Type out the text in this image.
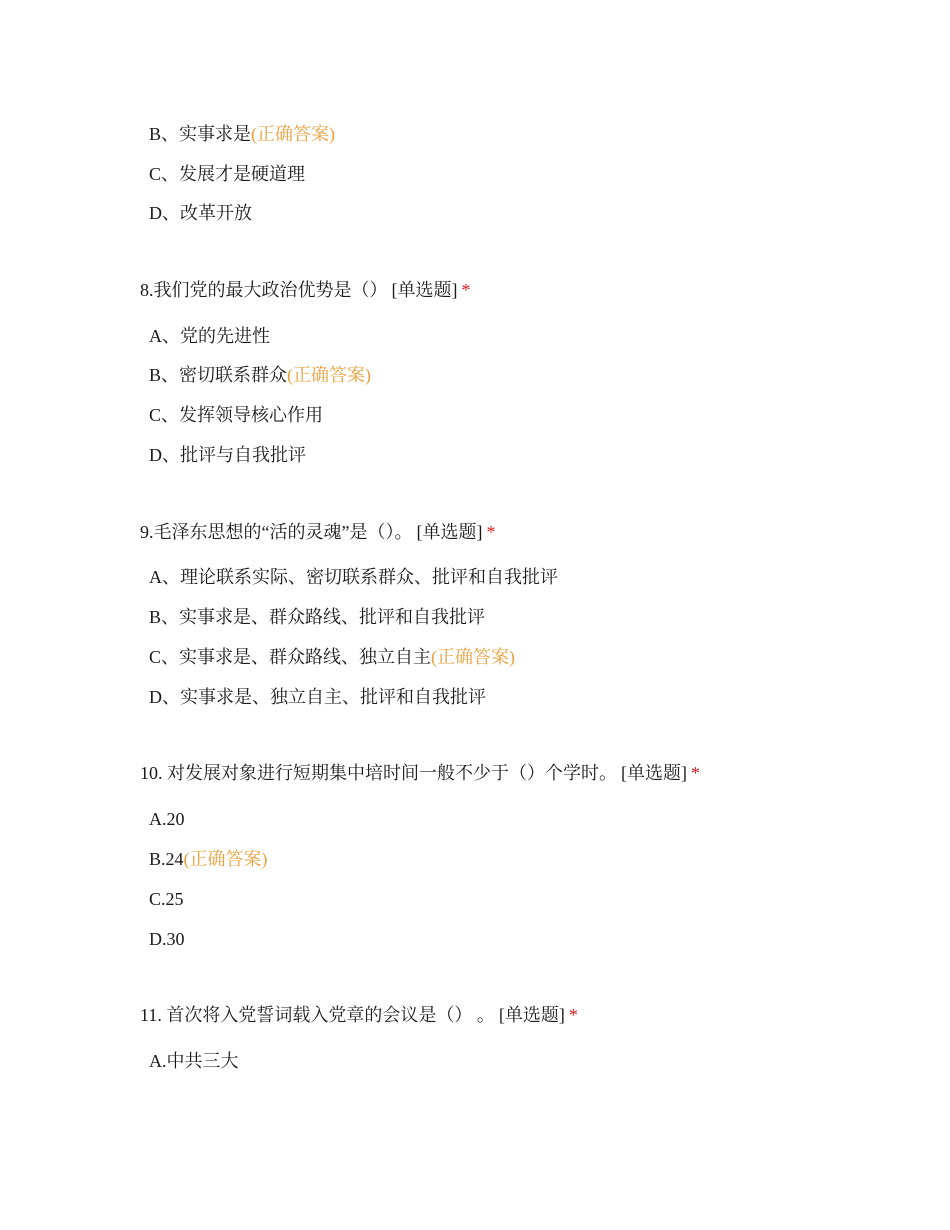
B、实事求是(正确答案)
C、发展才是硬道理
D、改革开放
8.我们党的最大政治优势是（） [单选题] *
A、党的先进性
B、密切联系群众(正确答案)
C、发挥领导核心作用
D、批评与自我批评
9.毛泽东思想的“活的灵魂”是（）。 [单选题] *
A、理论联系实际、密切联系群众、批评和自我批评
B、实事求是、群众路线、批评和自我批评
C、实事求是、群众路线、独立自主(正确答案)
D、实事求是、独立自主、批评和自我批评
10. 对发展对象进行短期集中培时间一般不少于（）个学时。 [单选题] *
A.20
B.24(正确答案)
C.25
D.30
11. 首次将入党誓词载入党章的会议是（） 。 [单选题] *
A.中共三大
